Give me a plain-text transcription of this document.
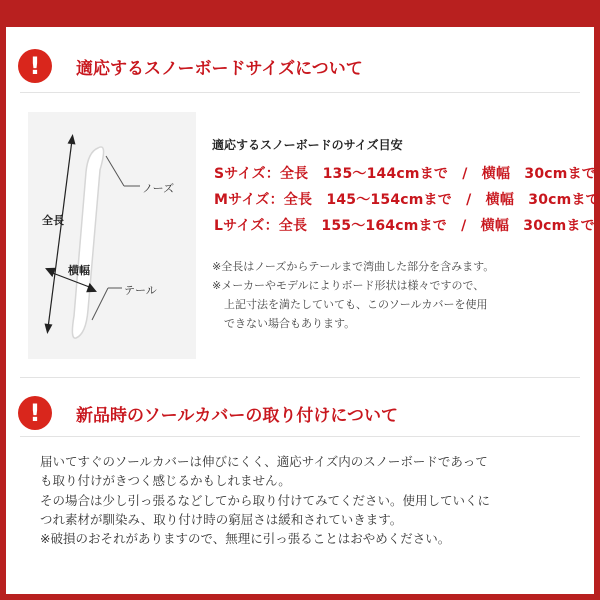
!	適応するスノーボードサイズについて
ノーズ
テール
全長
横幅
適応するスノーボードのサイズ目安
Sサイズ：全長　135〜144cmまで　/　横幅　30cmまで
Mサイズ：全長　145〜154cmまで　/　横幅　30cmまで
Lサイズ：全長　155〜164cmまで　/　横幅　30cmまで
※全長はノーズからテールまで湾曲した部分を含みます。
※メーカーやモデルによりボード形状は様々ですので、
上記寸法を満たしていても、このソールカバーを使用
できない場合もあります。
!	新品時のソールカバーの取り付けについて
届いてすぐのソールカバーは伸びにくく、適応サイズ内のスノーボードであって
も取り付けがきつく感じるかもしれません。
その場合は少し引っ張るなどしてから取り付けてみてください。使用していくに
つれ素材が馴染み、取り付け時の窮屈さは緩和されていきます。
※破損のおそれがありますので、無理に引っ張ることはおやめください。
